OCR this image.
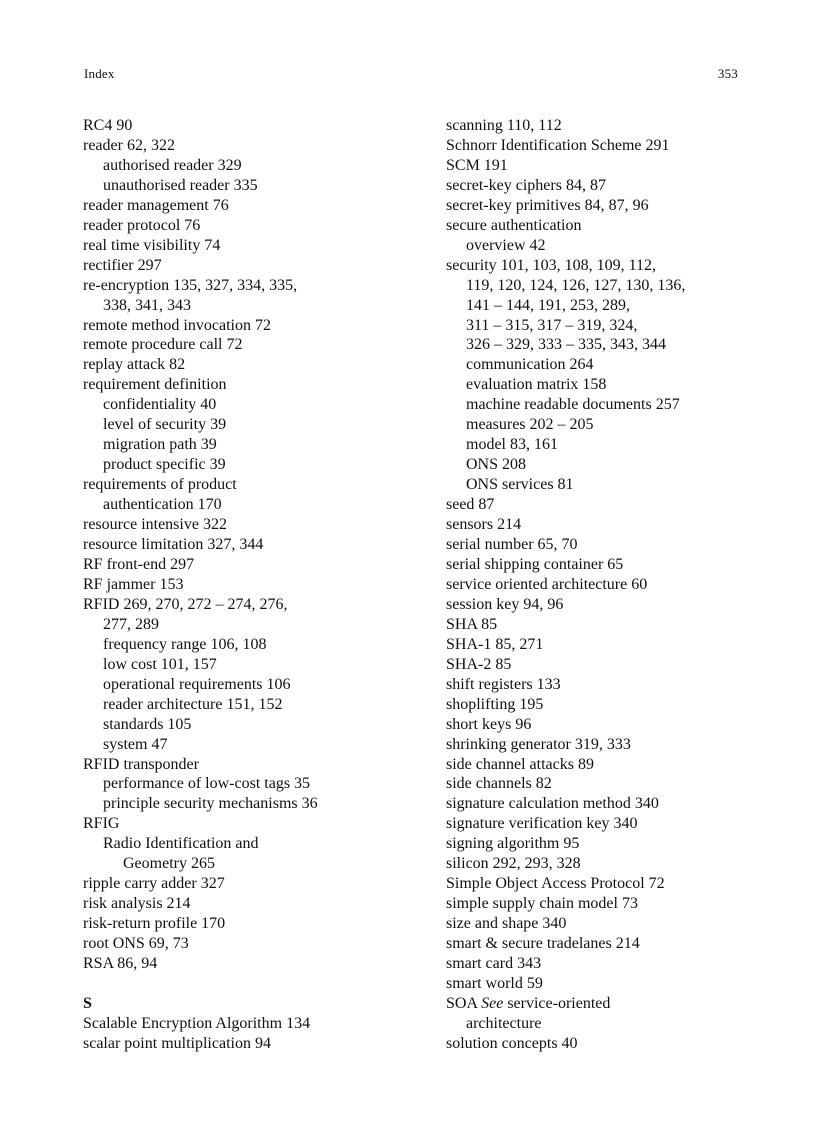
Index	353
RC4 90
reader 62, 322
authorised reader 329
unauthorised reader 335
reader management 76
reader protocol 76
real time visibility 74
rectifier 297
re-encryption 135, 327, 334, 335,
338, 341, 343
remote method invocation 72
remote procedure call 72
replay attack 82
requirement definition
confidentiality 40
level of security 39
migration path 39
product specific 39
requirements of product
authentication 170
resource intensive 322
resource limitation 327, 344
RF front-end 297
RF jammer 153
RFID 269, 270, 272 – 274, 276,
277, 289
frequency range 106, 108
low cost 101, 157
operational requirements 106
reader architecture 151, 152
standards 105
system 47
RFID transponder
performance of low-cost tags 35
principle security mechanisms 36
RFIG
Radio Identification and
Geometry 265
ripple carry adder 327
risk analysis 214
risk-return profile 170
root ONS 69, 73
RSA 86, 94
S
Scalable Encryption Algorithm 134
scalar point multiplication 94
scanning 110, 112
Schnorr Identification Scheme 291
SCM 191
secret-key ciphers 84, 87
secret-key primitives 84, 87, 96
secure authentication
overview 42
security 101, 103, 108, 109, 112,
119, 120, 124, 126, 127, 130, 136,
141 – 144, 191, 253, 289,
311 – 315, 317 – 319, 324,
326 – 329, 333 – 335, 343, 344
communication 264
evaluation matrix 158
machine readable documents 257
measures 202 – 205
model 83, 161
ONS 208
ONS services 81
seed 87
sensors 214
serial number 65, 70
serial shipping container 65
service oriented architecture 60
session key 94, 96
SHA 85
SHA-1 85, 271
SHA-2 85
shift registers 133
shoplifting 195
short keys 96
shrinking generator 319, 333
side channel attacks 89
side channels 82
signature calculation method 340
signature verification key 340
signing algorithm 95
silicon 292, 293, 328
Simple Object Access Protocol 72
simple supply chain model 73
size and shape 340
smart & secure tradelanes 214
smart card 343
smart world 59
SOA See service-oriented
architecture
solution concepts 40
